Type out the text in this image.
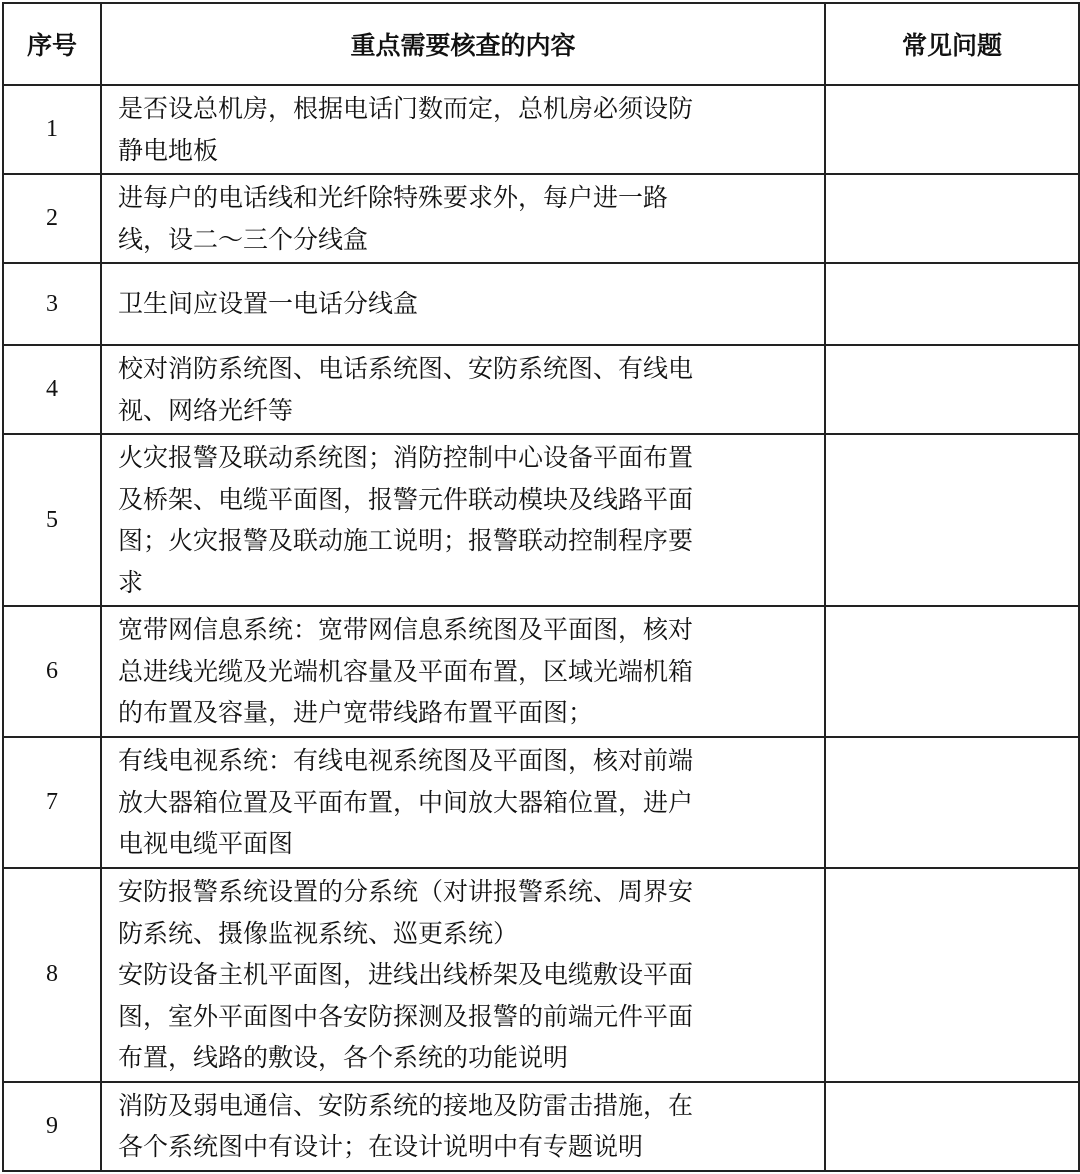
序号	重点需要核查的内容	常见问题
1	是否设总机房，根据电话门数而定，总机房必须设防
静电地板	

2	进每户的电话线和光纤除特殊要求外，每户进一路
线，设二～三个分线盒	

3	卫生间应设置一电话分线盒	

4	校对消防系统图、电话系统图、安防系统图、有线电
视、网络光纤等	

5	火灾报警及联动系统图；消防控制中心设备平面布置
及桥架、电缆平面图，报警元件联动模块及线路平面
图；火灾报警及联动施工说明；报警联动控制程序要
求	

6	宽带网信息系统：宽带网信息系统图及平面图，核对
总进线光缆及光端机容量及平面布置，区域光端机箱
的布置及容量，进户宽带线路布置平面图；	

7	有线电视系统：有线电视系统图及平面图，核对前端
放大器箱位置及平面布置，中间放大器箱位置，进户
电视电缆平面图	

8	安防报警系统设置的分系统（对讲报警系统、周界安
防系统、摄像监视系统、巡更系统）
安防设备主机平面图，进线出线桥架及电缆敷设平面
图，室外平面图中各安防探测及报警的前端元件平面
布置，线路的敷设，各个系统的功能说明	

9	消防及弱电通信、安防系统的接地及防雷击措施，在
各个系统图中有设计；在设计说明中有专题说明	
